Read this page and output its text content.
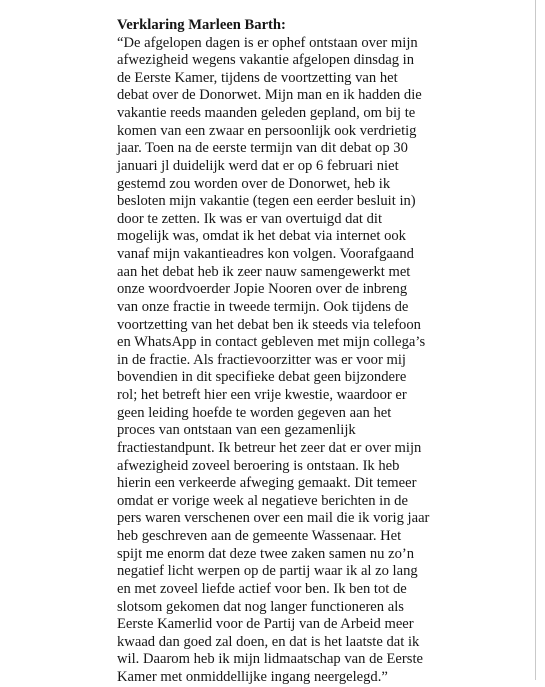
Verklaring Marleen Barth:

“De afgelopen dagen is er ophef ontstaan over mijn

afwezigheid wegens vakantie afgelopen dinsdag in

de Eerste Kamer, tijdens de voortzetting van het

debat over de Donorwet. Mijn man en ik hadden die

vakantie reeds maanden geleden gepland, om bij te

komen van een zwaar en persoonlijk ook verdrietig

jaar. Toen na de eerste termijn van dit debat op 30

januari jl duidelijk werd dat er op 6 februari niet

gestemd zou worden over de Donorwet, heb ik

besloten mijn vakantie (tegen een eerder besluit in)

door te zetten. Ik was er van overtuigd dat dit

mogelijk was, omdat ik het debat via internet ook

vanaf mijn vakantieadres kon volgen. Voorafgaand

aan het debat heb ik zeer nauw samengewerkt met

onze woordvoerder Jopie Nooren over de inbreng

van onze fractie in tweede termijn. Ook tijdens de

voortzetting van het debat ben ik steeds via telefoon

en WhatsApp in contact gebleven met mijn collega’s

in de fractie. Als fractievoorzitter was er voor mij

bovendien in dit specifieke debat geen bijzondere

rol; het betreft hier een vrije kwestie, waardoor er

geen leiding hoefde te worden gegeven aan het

proces van ontstaan van een gezamenlijk

fractiestandpunt. Ik betreur het zeer dat er over mijn

afwezigheid zoveel beroering is ontstaan. Ik heb

hierin een verkeerde afweging gemaakt. Dit temeer

omdat er vorige week al negatieve berichten in de

pers waren verschenen over een mail die ik vorig jaar

heb geschreven aan de gemeente Wassenaar. Het

spijt me enorm dat deze twee zaken samen nu zo’n

negatief licht werpen op de partij waar ik al zo lang

en met zoveel liefde actief voor ben. Ik ben tot de

slotsom gekomen dat nog langer functioneren als

Eerste Kamerlid voor de Partij van de Arbeid meer

kwaad dan goed zal doen, en dat is het laatste dat ik

wil. Daarom heb ik mijn lidmaatschap van de Eerste

Kamer met onmiddellijke ingang neergelegd.”
